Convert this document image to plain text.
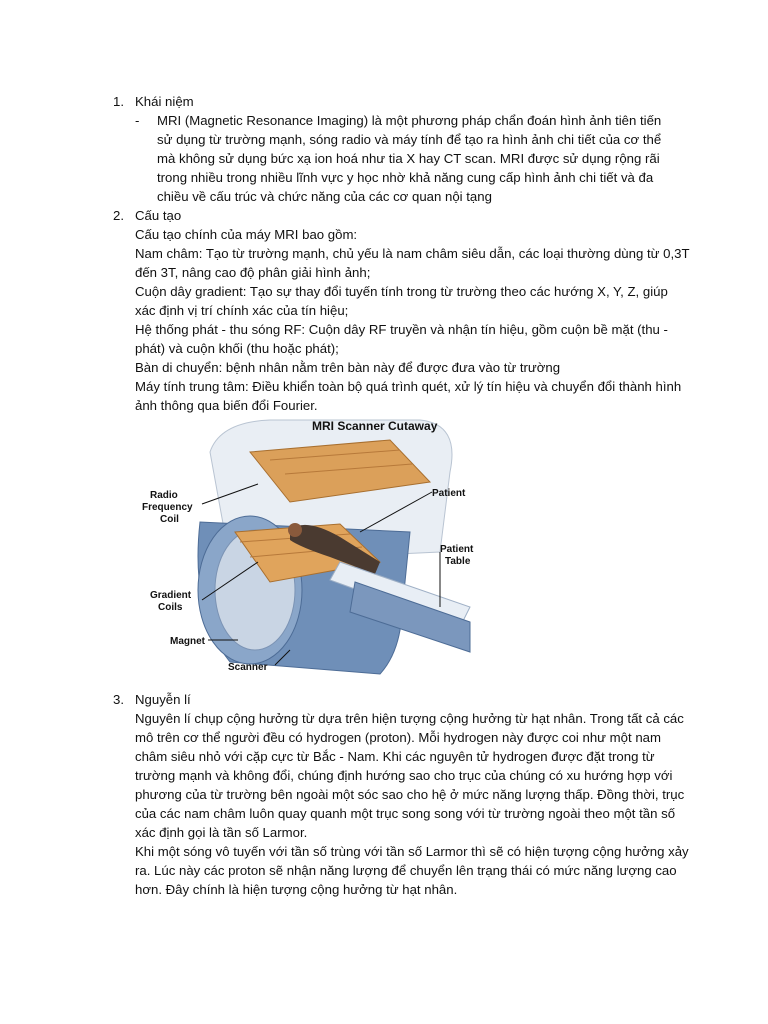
1. Khái niệm
- MRI (Magnetic Resonance Imaging) là một phương pháp chẩn đoán hình ảnh tiên tiến sử dụng từ trường mạnh, sóng radio và máy tính để tạo ra hình ảnh chi tiết của cơ thể mà không sử dụng bức xạ ion hoá như tia X hay CT scan. MRI được sử dụng rộng rãi trong nhiều trong nhiều lĩnh vực y học nhờ khả năng cung cấp hình ảnh chi tiết và đa chiều về cấu trúc và chức năng của các cơ quan nội tạng
2. Cấu tạo

Cấu tạo chính của máy MRI bao gồm:

Nam châm: Tạo từ trường mạnh, chủ yếu là nam châm siêu dẫn, các loại thường dùng từ 0,3T đến 3T, nâng cao độ phân giải hình ảnh;

Cuộn dây gradient: Tạo sự thay đổi tuyến tính trong từ trường theo các hướng X, Y, Z, giúp xác định vị trí chính xác của tín hiệu;

Hệ thống phát - thu sóng RF: Cuộn dây RF truyền và nhận tín hiệu, gồm cuộn bề mặt (thu - phát) và cuộn khối (thu hoặc phát);

Bàn di chuyển: bệnh nhân nằm trên bàn này để được đưa vào từ trường

Máy tính trung tâm: Điều khiển toàn bộ quá trình quét, xử lý tín hiệu và chuyển đổi thành hình ảnh thông qua biến đổi Fourier.

MRI Scanner Cutaway
Radio
Frequency
Coil
Patient
Patient
Table
Gradient
Coils
Magnet
Scanner
3. Nguyễn lí

Nguyên lí chụp cộng hưởng từ dựa trên hiện tượng cộng hưởng từ hạt nhân. Trong tất cả các mô trên cơ thể người đều có hydrogen (proton). Mỗi hydrogen này được coi như một nam châm siêu nhỏ với cặp cực từ Bắc - Nam. Khi các nguyên tử hydrogen được đặt trong từ trường mạnh và không đổi, chúng định hướng sao cho trục của chúng có xu hướng hợp với phương của từ trường bên ngoài một sóc sao cho hệ ở mức năng lượng thấp. Đồng thời, trục của các nam châm luôn quay quanh một trục song song với từ trường ngoài theo một tần số xác định gọi là tần số Larmor.

Khi một sóng vô tuyến với tần số trùng với tần số Larmor thì sẽ có hiện tượng cộng hưởng xảy ra. Lúc này các proton sẽ nhận năng lượng để chuyển lên trạng thái có mức năng lượng cao hơn. Đây chính là hiện tượng cộng hưởng từ hạt nhân.
